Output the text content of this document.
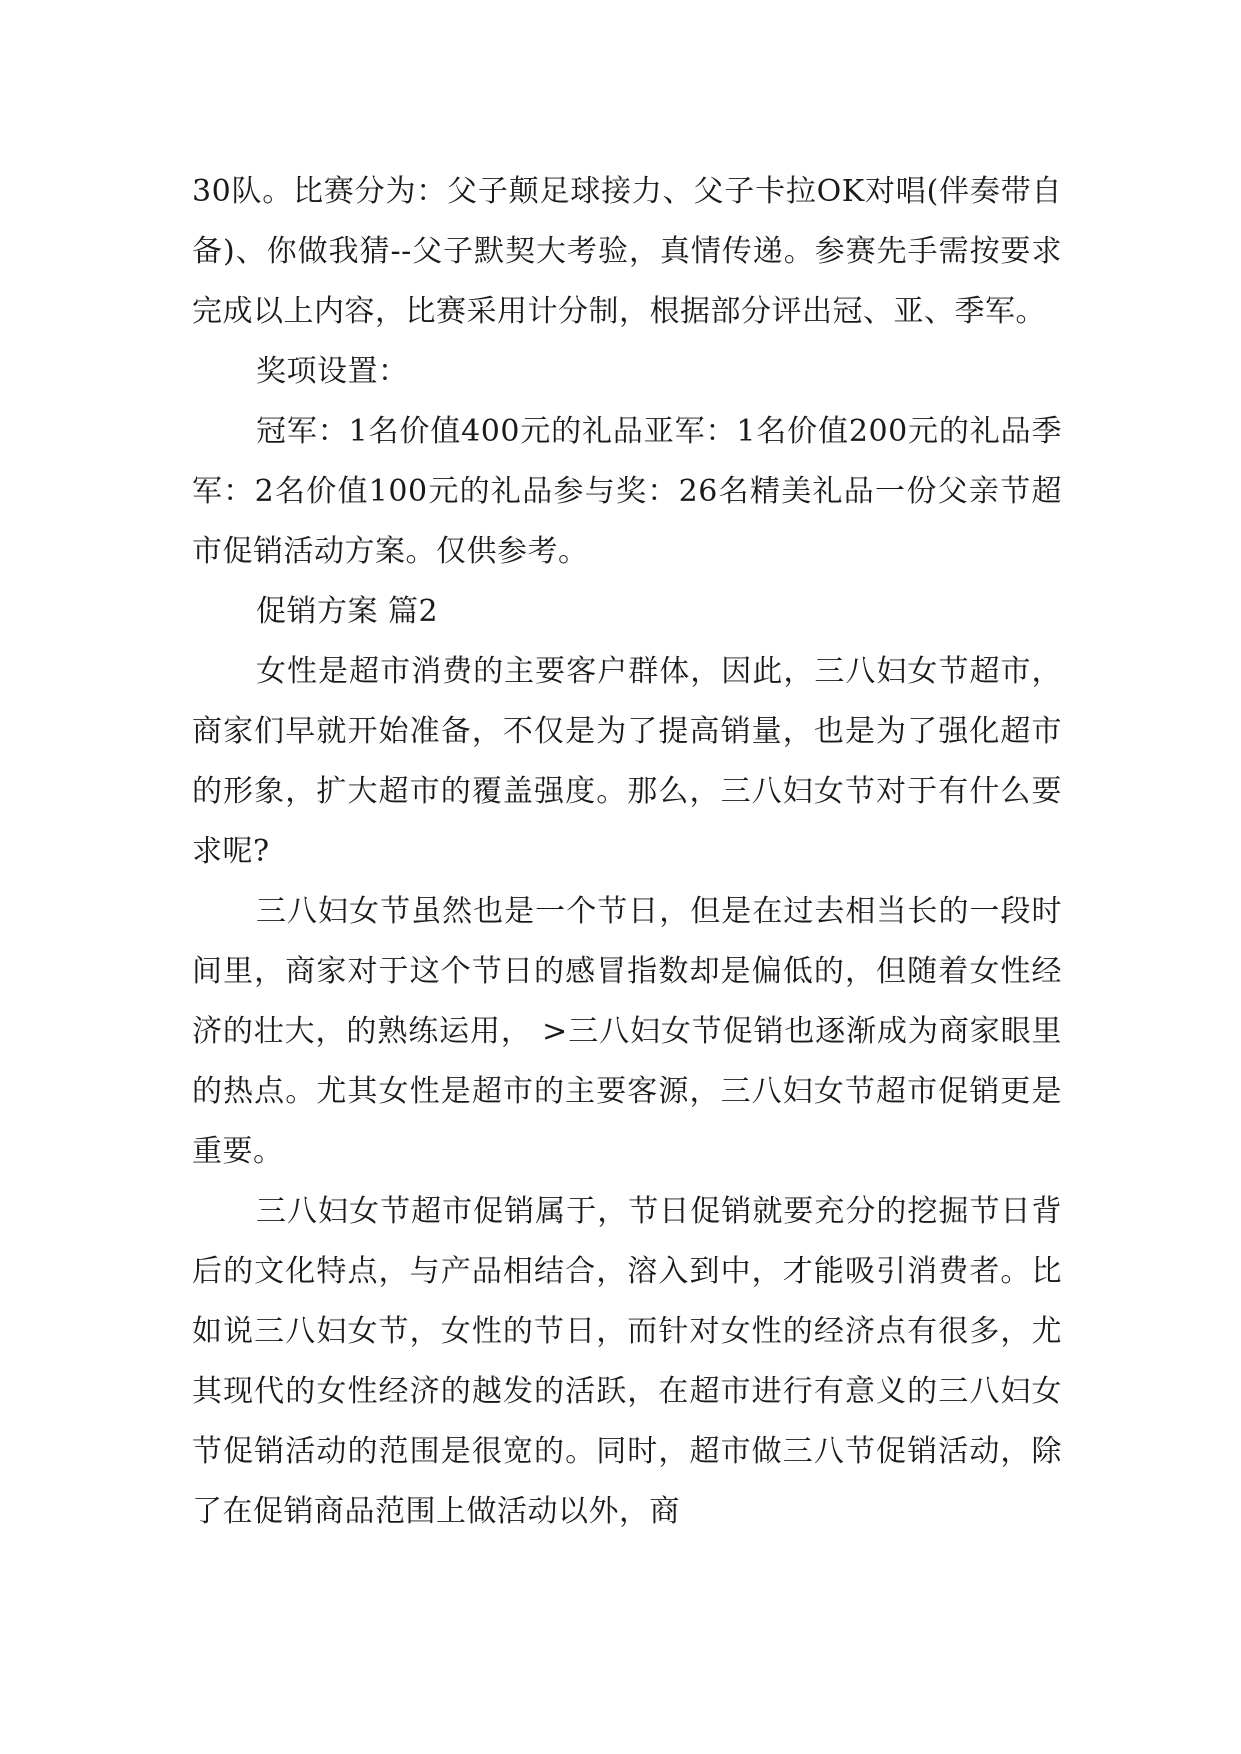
30队。比赛分为：父子颠足球接力、父子卡拉OK对唱(伴奏带自备)、你做我猜--父子默契大考验，真情传递。参赛先手需按要求完成以上内容，比赛采用计分制，根据部分评出冠、亚、季军。

奖项设置：

冠军：1名价值400元的礼品亚军：1名价值200元的礼品季军：2名价值100元的礼品参与奖：26名精美礼品一份父亲节超市促销活动方案。仅供参考。

促销方案 篇2

女性是超市消费的主要客户群体，因此，三八妇女节超市，商家们早就开始准备，不仅是为了提高销量，也是为了强化超市的形象，扩大超市的覆盖强度。那么，三八妇女节对于有什么要求呢?

三八妇女节虽然也是一个节日，但是在过去相当长的一段时间里，商家对于这个节日的感冒指数却是偏低的，但随着女性经济的壮大，的熟练运用， >三八妇女节促销也逐渐成为商家眼里的热点。尤其女性是超市的主要客源，三八妇女节超市促销更是重要。

三八妇女节超市促销属于，节日促销就要充分的挖掘节日背后的文化特点，与产品相结合，溶入到中，才能吸引消费者。比如说三八妇女节，女性的节日，而针对女性的经济点有很多，尤其现代的女性经济的越发的活跃，在超市进行有意义的三八妇女节促销活动的范围是很宽的。同时，超市做三八节促销活动，除了在促销商品范围上做活动以外，商
